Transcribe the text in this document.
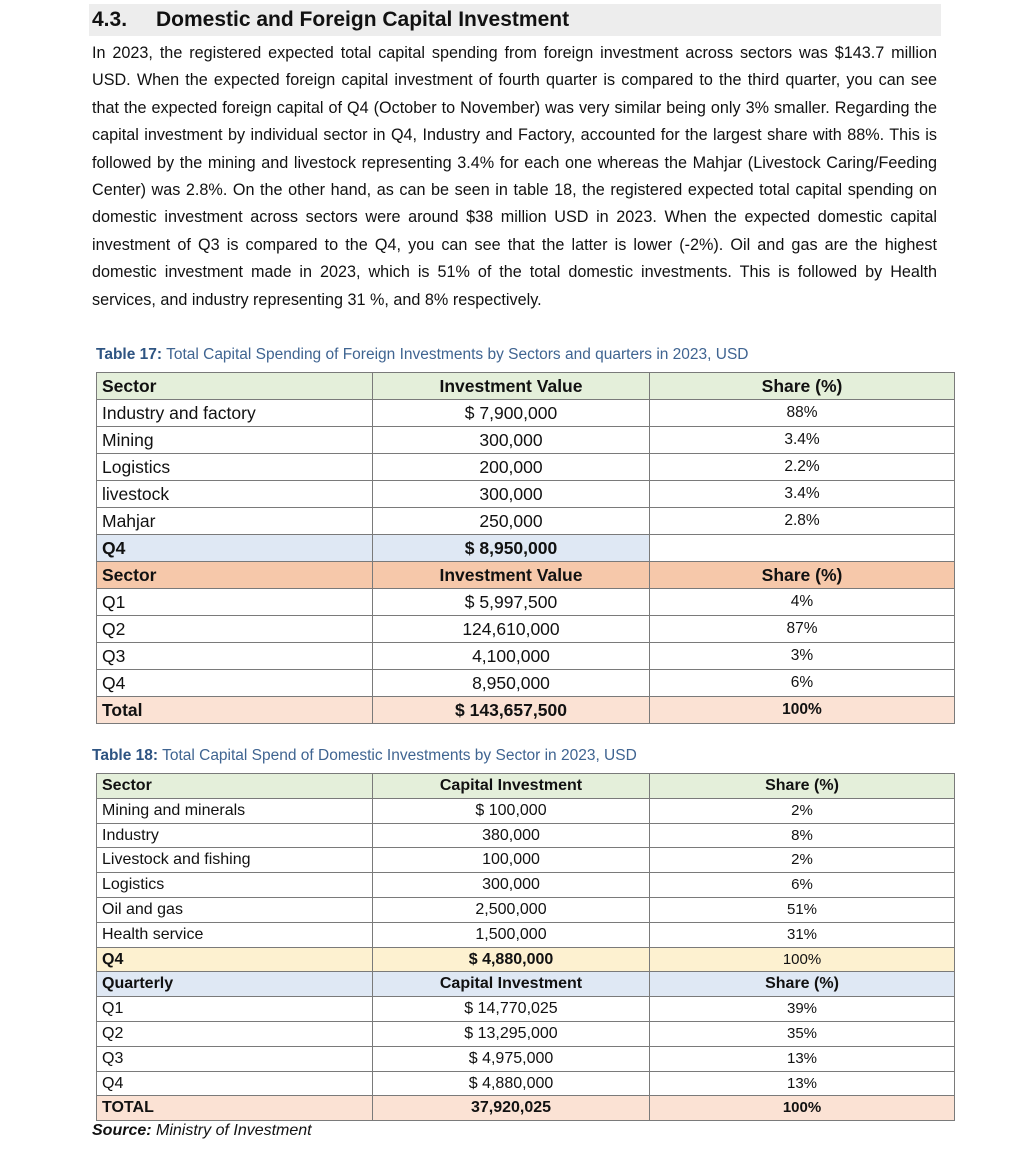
4.3. Domestic and Foreign Capital Investment

In 2023, the registered expected total capital spending from foreign investment across sectors was $143.7 million USD. When the expected foreign capital investment of fourth quarter is compared to the third quarter, you can see that the expected foreign capital of Q4 (October to November) was very similar being only 3% smaller. Regarding the capital investment by individual sector in Q4, Industry and Factory, accounted for the largest share with 88%. This is followed by the mining and livestock representing 3.4% for each one whereas the Mahjar (Livestock Caring/Feeding Center) was 2.8%. On the other hand, as can be seen in table 18, the registered expected total capital spending on domestic investment across sectors were around $38 million USD in 2023. When the expected domestic capital investment of Q3 is compared to the Q4, you can see that the latter is lower (-2%). Oil and gas are the highest domestic investment made in 2023, which is 51% of the total domestic investments. This is followed by Health services, and industry representing 31 %, and 8% respectively.

Table 17: Total Capital Spending of Foreign Investments by Sectors and quarters in 2023, USD
Sector	Investment Value	Share (%)
Industry and factory	$ 7,900,000	88%
Mining	300,000	3.4%
Logistics	200,000	2.2%
livestock	300,000	3.4%
Mahjar	250,000	2.8%
Q4	$ 8,950,000	
Sector	Investment Value	Share (%)
Q1	$ 5,997,500	4%
Q2	124,610,000	87%
Q3	4,100,000	3%
Q4	8,950,000	6%
Total	$ 143,657,500	100%
Table 18: Total Capital Spend of Domestic Investments by Sector in 2023, USD
Sector	Capital Investment	Share (%)
Mining and minerals	$ 100,000	2%
Industry	380,000	8%
Livestock and fishing	100,000	2%
Logistics	300,000	6%
Oil and gas	2,500,000	51%
Health service	1,500,000	31%
Q4	$ 4,880,000	100%
Quarterly	Capital Investment	Share (%)
Q1	$ 14,770,025	39%
Q2	$ 13,295,000	35%
Q3	$ 4,975,000	13%
Q4	$ 4,880,000	13%
TOTAL	37,920,025	100%
Source: Ministry of Investment
